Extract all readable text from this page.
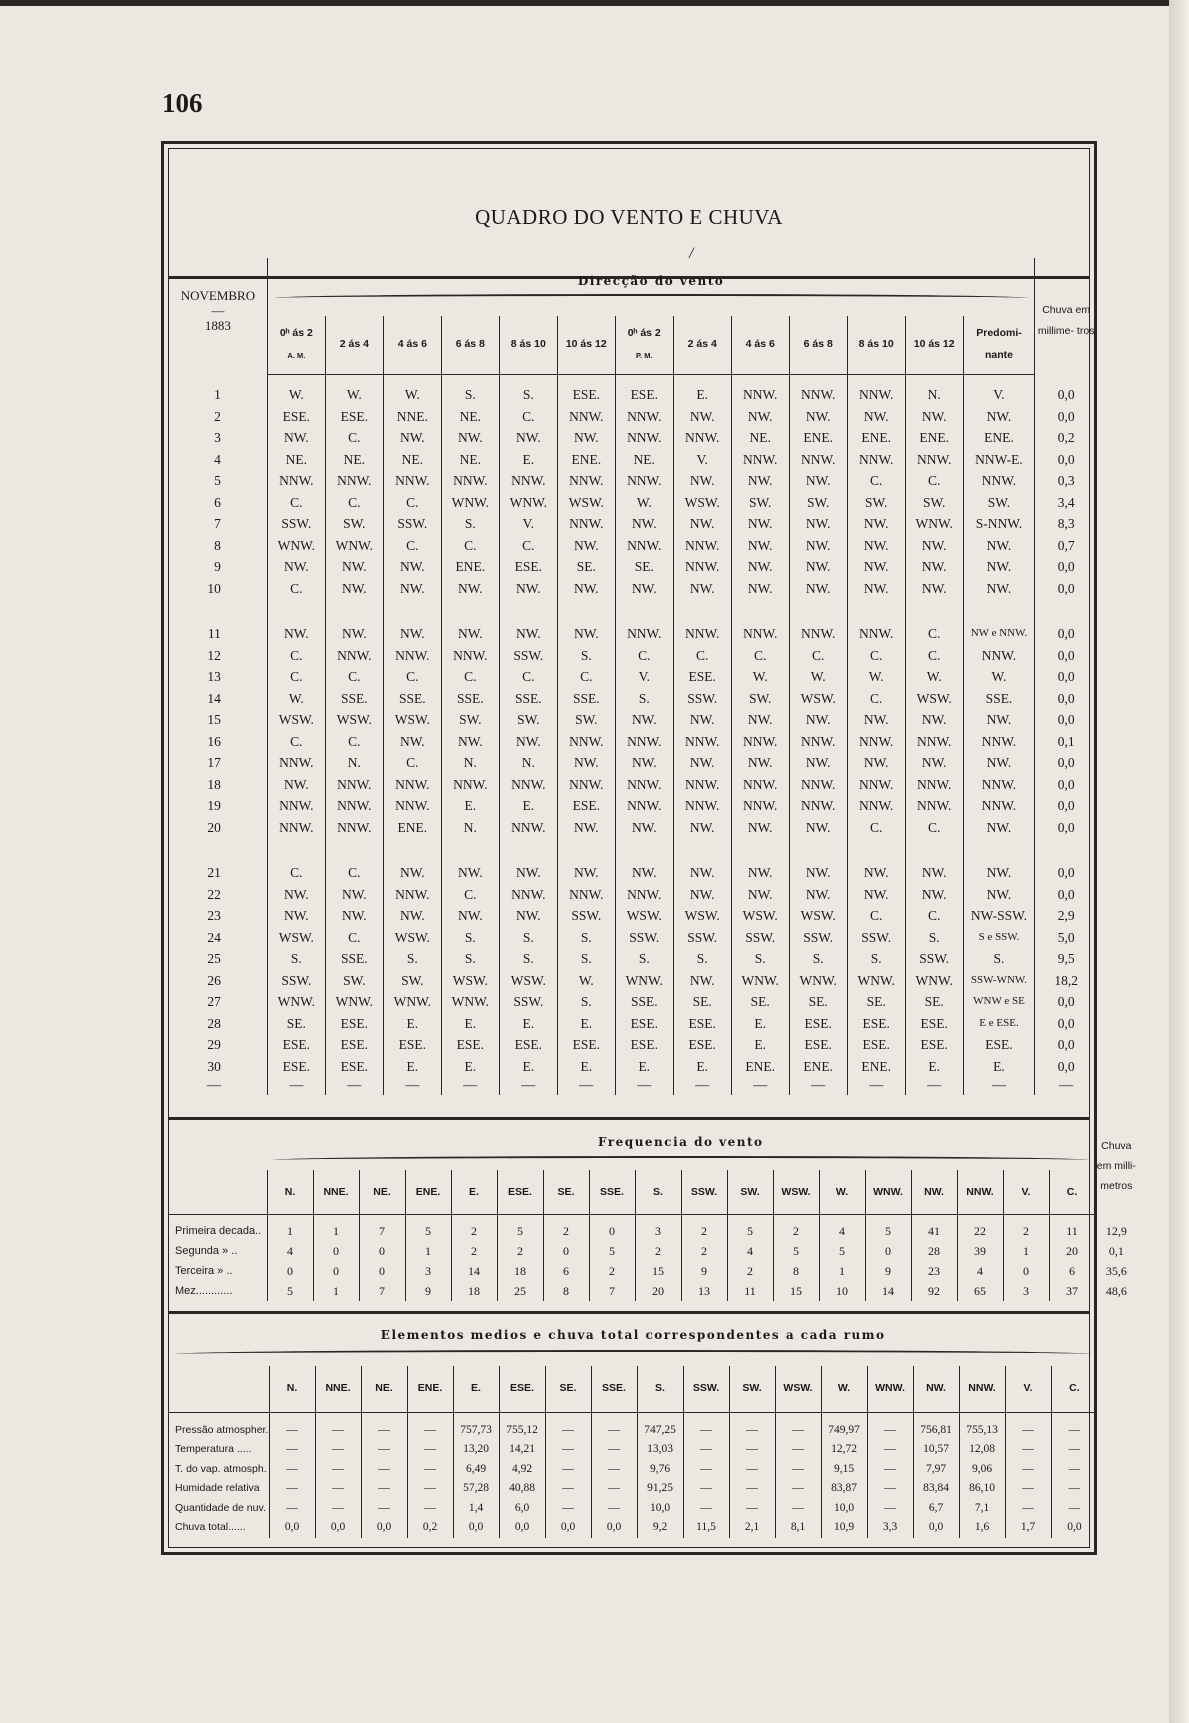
106
QUADRO DO VENTO E CHUVA
/
NOVEMBRO
—
1883	Direcção do vento													Chuva em millime- tros

	0ʰ ás 2
A. M.	2 ás 4	4 ás 6	6 ás 8	8 ás 10	10 ás 12	0ʰ ás 2
P. M.	2 ás 4	4 ás 6	6 ás 8	8 ás 10	10 ás 12	Predomi- nante	

1	W.	W.	W.	S.	S.	ESE.	ESE.	E.	NNW.	NNW.	NNW.	N.	V.	0,0
2	ESE.	ESE.	NNE.	NE.	C.	NNW.	NNW.	NW.	NW.	NW.	NW.	NW.	NW.	0,0
3	NW.	C.	NW.	NW.	NW.	NW.	NNW.	NNW.	NE.	ENE.	ENE.	ENE.	ENE.	0,2
4	NE.	NE.	NE.	NE.	E.	ENE.	NE.	V.	NNW.	NNW.	NNW.	NNW.	NNW-E.	0,0
5	NNW.	NNW.	NNW.	NNW.	NNW.	NNW.	NNW.	NW.	NW.	NW.	C.	C.	NNW.	0,3
6	C.	C.	C.	WNW.	WNW.	WSW.	W.	WSW.	SW.	SW.	SW.	SW.	SW.	3,4
7	SSW.	SW.	SSW.	S.	V.	NNW.	NW.	NW.	NW.	NW.	NW.	WNW.	S-NNW.	8,3
8	WNW.	WNW.	C.	C.	C.	NW.	NNW.	NNW.	NW.	NW.	NW.	NW.	NW.	0,7
9	NW.	NW.	NW.	ENE.	ESE.	SE.	SE.	NNW.	NW.	NW.	NW.	NW.	NW.	0,0
10	C.	NW.	NW.	NW.	NW.	NW.	NW.	NW.	NW.	NW.	NW.	NW.	NW.	0,0

11	NW.	NW.	NW.	NW.	NW.	NW.	NNW.	NNW.	NNW.	NNW.	NNW.	C.	NW e NNW.	0,0
12	C.	NNW.	NNW.	NNW.	SSW.	S.	C.	C.	C.	C.	C.	C.	NNW.	0,0
13	C.	C.	C.	C.	C.	C.	V.	ESE.	W.	W.	W.	W.	W.	0,0
14	W.	SSE.	SSE.	SSE.	SSE.	SSE.	S.	SSW.	SW.	WSW.	C.	WSW.	SSE.	0,0
15	WSW.	WSW.	WSW.	SW.	SW.	SW.	NW.	NW.	NW.	NW.	NW.	NW.	NW.	0,0
16	C.	C.	NW.	NW.	NW.	NNW.	NNW.	NNW.	NNW.	NNW.	NNW.	NNW.	NNW.	0,1
17	NNW.	N.	C.	N.	N.	NW.	NW.	NW.	NW.	NW.	NW.	NW.	NW.	0,0
18	NW.	NNW.	NNW.	NNW.	NNW.	NNW.	NNW.	NNW.	NNW.	NNW.	NNW.	NNW.	NNW.	0,0
19	NNW.	NNW.	NNW.	E.	E.	ESE.	NNW.	NNW.	NNW.	NNW.	NNW.	NNW.	NNW.	0,0
20	NNW.	NNW.	ENE.	N.	NNW.	NW.	NW.	NW.	NW.	NW.	C.	C.	NW.	0,0

21	C.	C.	NW.	NW.	NW.	NW.	NW.	NW.	NW.	NW.	NW.	NW.	NW.	0,0
22	NW.	NW.	NNW.	C.	NNW.	NNW.	NNW.	NW.	NW.	NW.	NW.	NW.	NW.	0,0
23	NW.	NW.	NW.	NW.	NW.	SSW.	WSW.	WSW.	WSW.	WSW.	C.	C.	NW-SSW.	2,9
24	WSW.	C.	WSW.	S.	S.	S.	SSW.	SSW.	SSW.	SSW.	SSW.	S.	S e SSW.	5,0
25	S.	SSE.	S.	S.	S.	S.	S.	S.	S.	S.	S.	SSW.	S.	9,5
26	SSW.	SW.	SW.	WSW.	WSW.	W.	WNW.	NW.	WNW.	WNW.	WNW.	WNW.	SSW-WNW.	18,2
27	WNW.	WNW.	WNW.	WNW.	SSW.	S.	SSE.	SE.	SE.	SE.	SE.	SE.	WNW e SE	0,0
28	SE.	ESE.	E.	E.	E.	E.	ESE.	ESE.	E.	ESE.	ESE.	ESE.	E e ESE.	0,0
29	ESE.	ESE.	ESE.	ESE.	ESE.	ESE.	ESE.	ESE.	E.	ESE.	ESE.	ESE.	ESE.	0,0
30	ESE.	ESE.	E.	E.	E.	E.	E.	E.	ENE.	ENE.	ENE.	E.	E.	0,0
—	—	—	—	—	—	—	—	—	—	—	—	—	—	—
	Frequencia do vento																		Chuva em milli- metros

	N.	NNE.	NE.	ENE.	E.	ESE.	SE.	SSE.	S.	SSW.	SW.	WSW.	W.	WNW.	NW.	NNW.	V.	C.	

Primeira decada..	1	1	7	5	2	5	2	0	3	2	5	2	4	5	41	22	2	11	12,9
Segunda » ..	4	0	0	1	2	2	0	5	2	2	4	5	5	0	28	39	1	20	0,1
Terceira » ..	0	0	0	3	14	18	6	2	15	9	2	8	1	9	23	4	0	6	35,6
Mez............	5	1	7	9	18	25	8	7	20	13	11	15	10	14	92	65	3	37	48,6
Elementos medios e chuva total correspondentes a cada rumo																		

	N.	NNE.	NE.	ENE.	E.	ESE.	SE.	SSE.	S.	SSW.	SW.	WSW.	W.	WNW.	NW.	NNW.	V.	C.

Pressão atmospher.	—	—	—	—	757,73	755,12	—	—	747,25	—	—	—	749,97	—	756,81	755,13	—	—
Temperatura .....	—	—	—	—	13,20	14,21	—	—	13,03	—	—	—	12,72	—	10,57	12,08	—	—
T. do vap. atmosph.	—	—	—	—	6,49	4,92	—	—	9,76	—	—	—	9,15	—	7,97	9,06	—	—
Humidade relativa	—	—	—	—	57,28	40,88	—	—	91,25	—	—	—	83,87	—	83,84	86,10	—	—
Quantidade de nuv.	—	—	—	—	1,4	6,0	—	—	10,0	—	—	—	10,0	—	6,7	7,1	—	—
Chuva total......	0,0	0,0	0,0	0,2	0,0	0,0	0,0	0,0	9,2	11,5	2,1	8,1	10,9	3,3	0,0	1,6	1,7	0,0
